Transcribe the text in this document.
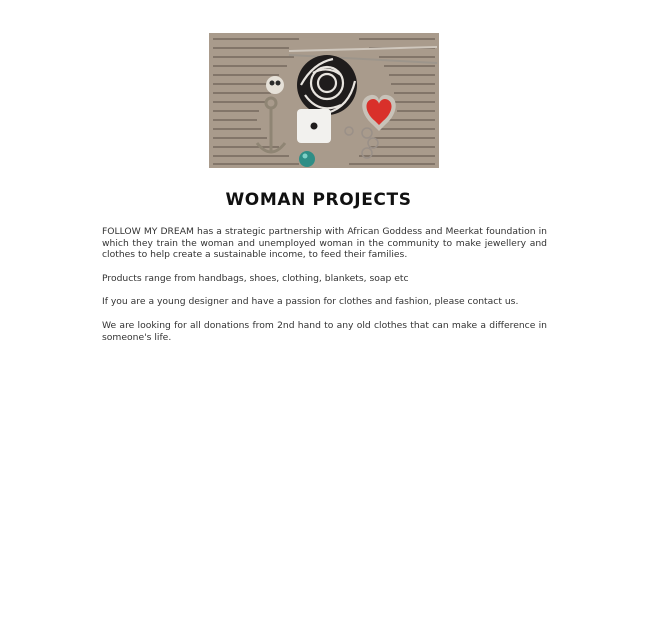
WOMAN PROJECTS

FOLLOW MY DREAM has a strategic partnership with African Goddess and Meerkat foundation in which they train the woman and unemployed woman in the community to make jewellery and clothes to help create a sustainable income, to feed their families.

Products range from handbags, shoes, clothing, blankets, soap etc

If you are a young designer and have a passion for clothes and fashion, please contact us.

We are looking for all donations from 2nd hand to any old clothes that can make a difference in someone's life.
